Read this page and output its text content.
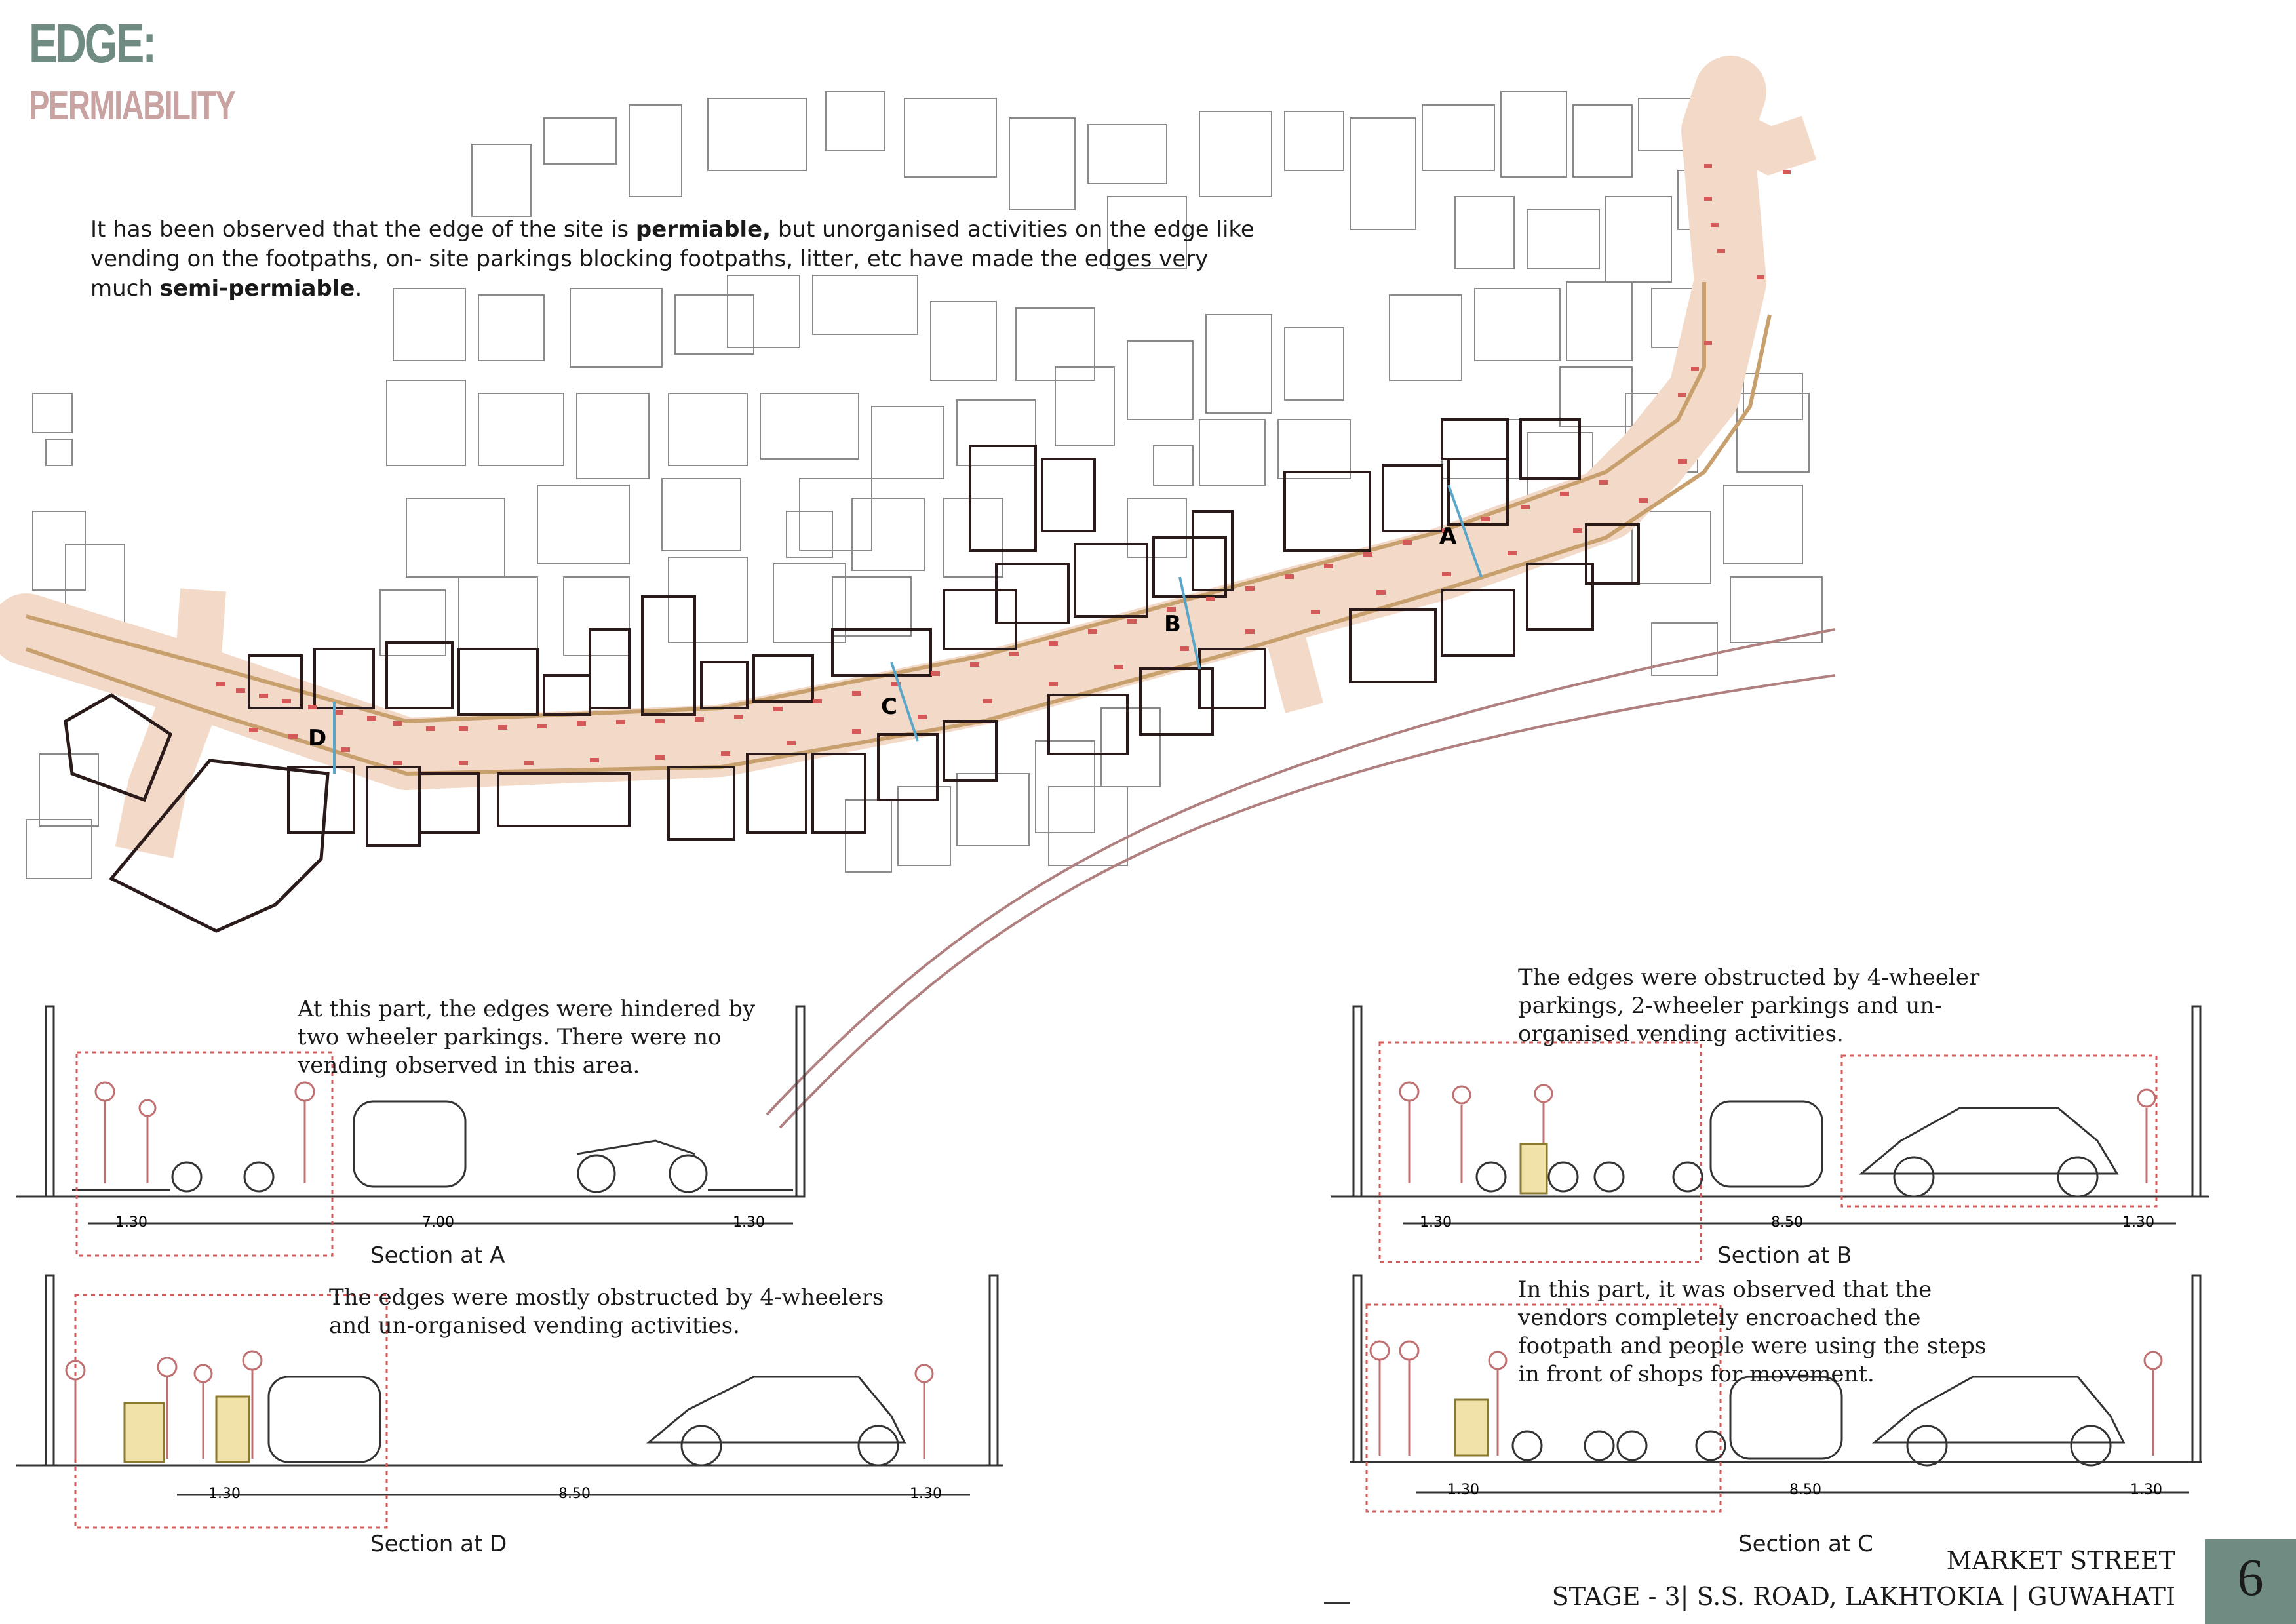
EDGE:
PERMIABILITY
It has been observed that the edge of the site is permiable, but unorganised activities on the edge like vending on the footpaths, on- site parkings blocking footpaths, litter, etc have made the edges very much semi-permiable.
A
B
C
D
At this part, the edges were hindered by
two wheeler parkings. There were no
vending observed in this area.
1.30	7.00	1.30
Section at A
The edges were obstructed by 4-wheeler
parkings, 2-wheeler parkings and un-
organised vending activities.
1.30	8.50	1.30
Section at B
The edges were mostly obstructed by 4-wheelers
and un-organised vending activities.
1.30	8.50	1.30
Section at D
In this part, it was observed that the
vendors completely encroached the
footpath and people were using the steps
in front of shops for movement.
1.30	8.50	1.30
Section at C
MARKET STREET
STAGE - 3| S.S. ROAD, LAKHTOKIA | GUWAHATI	6
